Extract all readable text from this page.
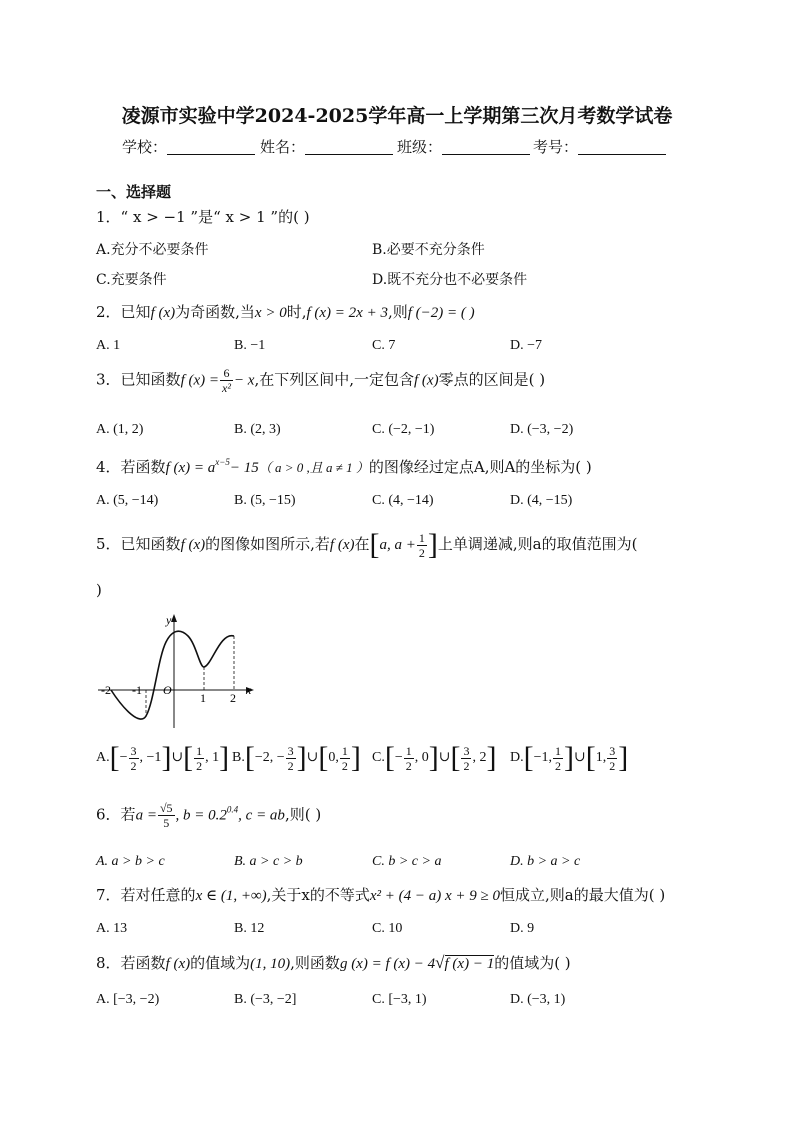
凌源市实验中学2024-2025学年高一上学期第三次月考数学试卷
学校：	姓名：	班级：	考号：
一、选择题
1．“ x > −1 ”是“ x > 1 ”的( )
A.充分不必要条件	B.必要不充分条件
C.充要条件	D.既不充分也不必要条件
2．已知f (x)为奇函数,当x > 0时,f (x) = 2x + 3,则f (−2) = ( )
A. 1	B. −1	C. 7	D. −7
3．已知函数f $(x) = \frac{6}{\text{x²}} - x$,在下列区间中,一定包含f (x)零点的区间是( )
A. (1, 2)	B. (2, 3)	C. (−2, −1)	D. (−3, −2)
4．若函数f $(x) = a^{x-5}- 15$（ a > 0 ,且 a ≠ 1 ）的图像经过定点A,则A的坐标为( )
A. (5, −14)	B. (5, −15)	C. (4, −14)	D. (4, −15)
5．已知函数f (x)的图像如图所示,若f (x)在[a, $a + \frac{1}{2}$ ]上单调递减,则a的取值范围为(
)
y
x
O
-2 -1
1 2
$A.[- \frac{3}{2}$ , −1]∪[ $\frac{1}{2}$ , 1] B.[−2, − $\frac{3}{2}$ ]∪[0, $\frac{1}{2}$ ] $C.[- \frac{1}{2}$ , 0]∪[ $\frac{3}{2}$ , 2] D.[−1, $\frac{1}{2}$ ]∪[1, $\frac{3}{2}$ ]
6．若$a = \frac{√5}{5}$ , $b = 0.2^{0.4}$, c = ab,则( )
A. a > b > c	B. a > c > b	C. b > c > a	D. b > a > c
7．若对任意的x ∈ (1, +∞),关于x的不等式x² + (4 − a) x + 9 ≥ 0恒成立,则a的最大值为( )
A. 13	B. 12	C. 10	D. 9
8．若函数f (x)的值域为(1, 10),则函数g (x) = f (x) − 4√f (x) − 1的值域为( )
A. [−3, −2)	B. (−3, −2]	C. [−3, 1)	D. (−3, 1)
